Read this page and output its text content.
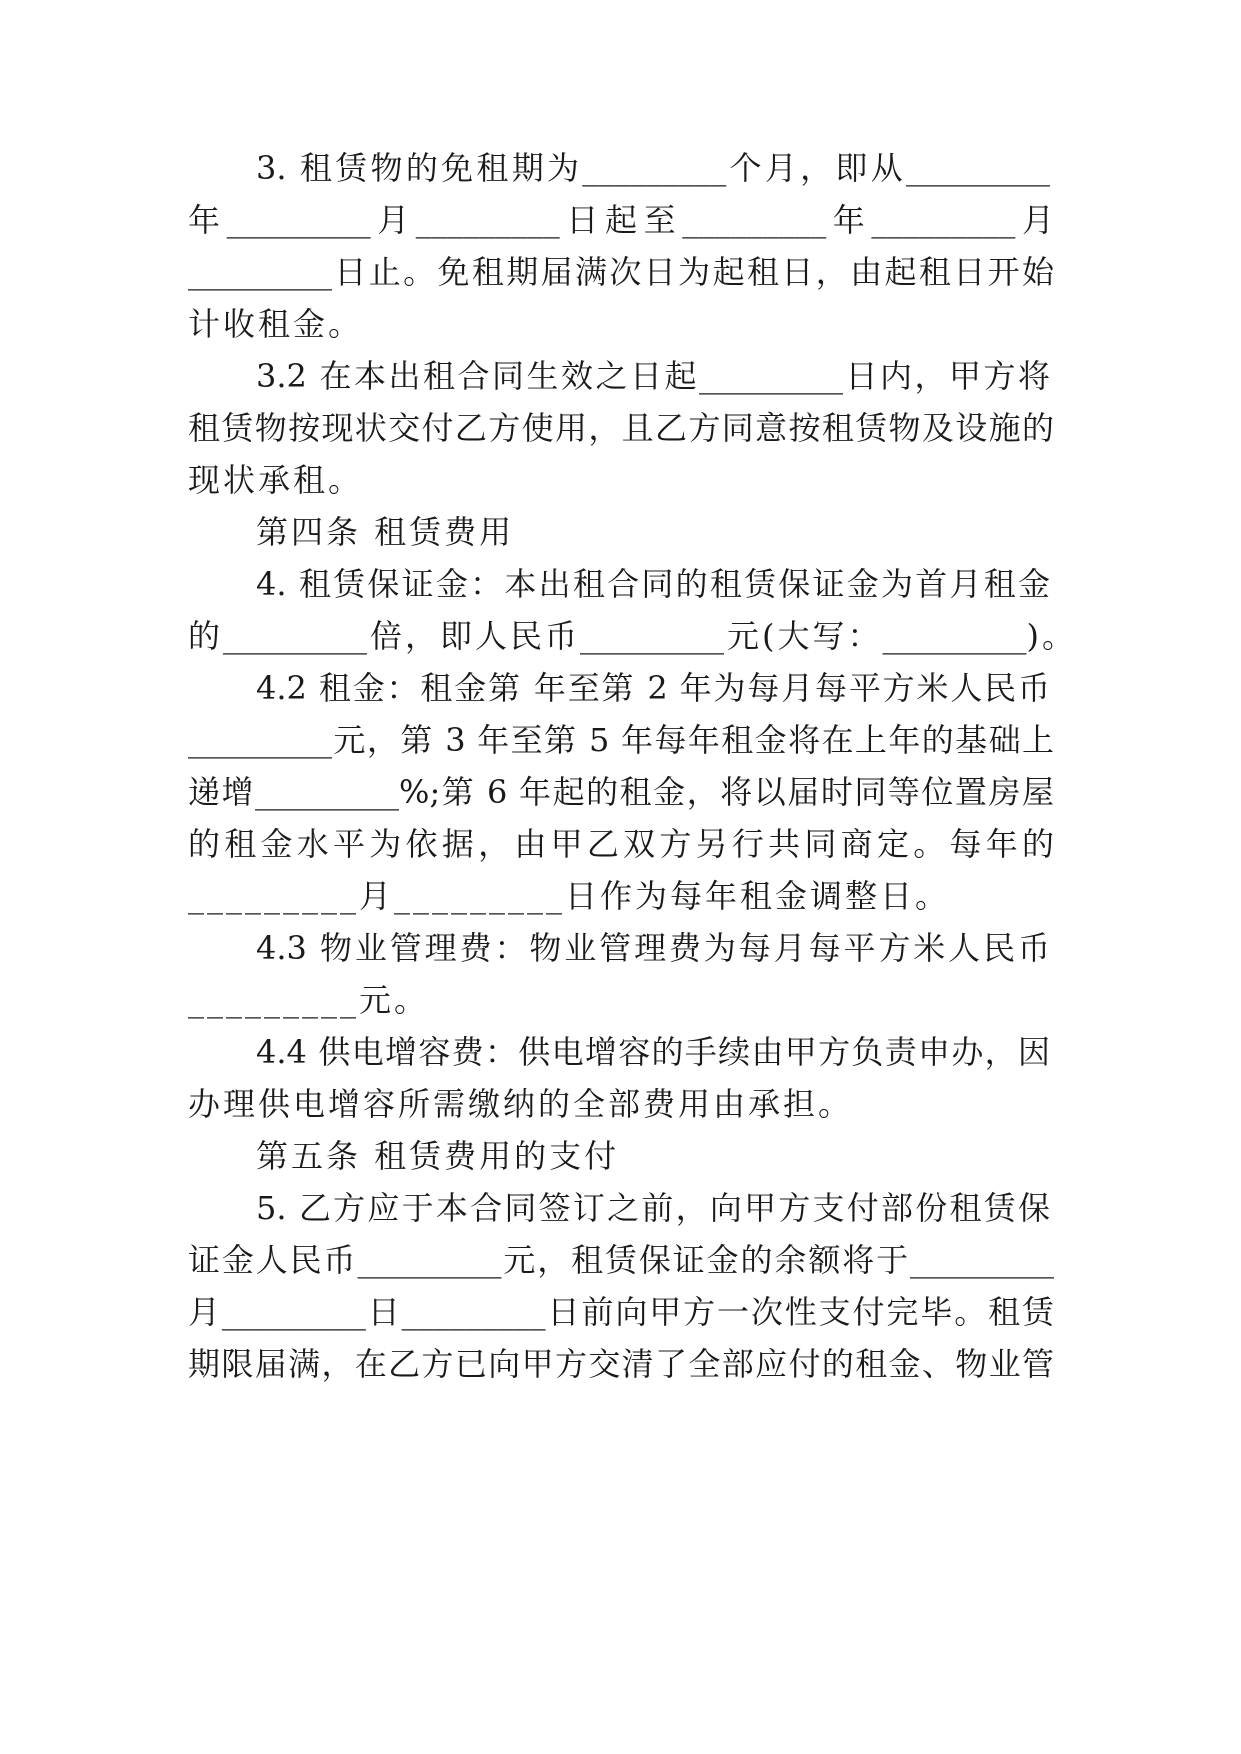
3. 租赁物的免租期为_________个月，即从_________
年_________月_________日起至_________年_________月
_________日止。免租期届满次日为起租日，由起租日开始
计收租金。
3.2 在本出租合同生效之日起_________日内，甲方将
租赁物按现状交付乙方使用，且乙方同意按租赁物及设施的
现状承租。
第四条 租赁费用
4. 租赁保证金：本出租合同的租赁保证金为首月租金
的_________倍，即人民币_________元(大写：_________)。
4.2 租金：租金第 年至第 2 年为每月每平方米人民币
_________元，第 3 年至第 5 年每年租金将在上年的基础上
递增_________%;第 6 年起的租金，将以届时同等位置房屋
的租金水平为依据，由甲乙双方另行共同商定。每年的
_________月_________日作为每年租金调整日。
4.3 物业管理费：物业管理费为每月每平方米人民币
_________元。
4.4 供电增容费：供电增容的手续由甲方负责申办，因
办理供电增容所需缴纳的全部费用由承担。
第五条 租赁费用的支付
5. 乙方应于本合同签订之前，向甲方支付部份租赁保
证金人民币_________元，租赁保证金的余额将于_________
月_________日_________日前向甲方一次性支付完毕。租赁
期限届满，在乙方已向甲方交清了全部应付的租金、物业管
